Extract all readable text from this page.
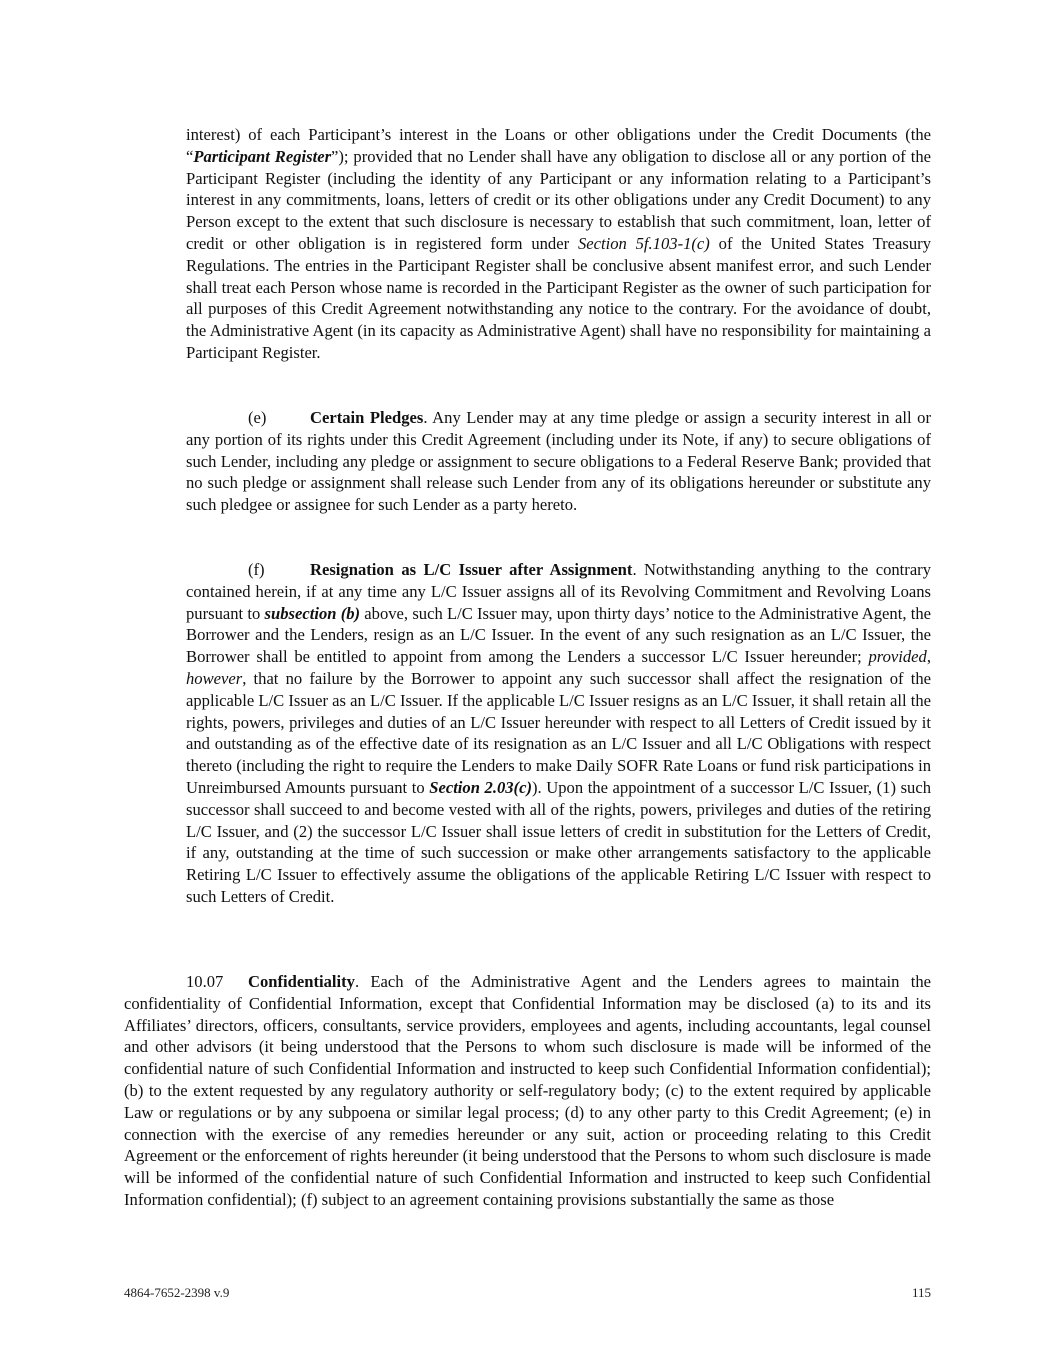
interest) of each Participant’s interest in the Loans or other obligations under the Credit Documents (the “Participant Register”); provided that no Lender shall have any obligation to disclose all or any portion of the Participant Register (including the identity of any Participant or any information relating to a Participant’s interest in any commitments, loans, letters of credit or its other obligations under any Credit Document) to any Person except to the extent that such disclosure is necessary to establish that such commitment, loan, letter of credit or other obligation is in registered form under Section 5f.103-1(c) of the United States Treasury Regulations. The entries in the Participant Register shall be conclusive absent manifest error, and such Lender shall treat each Person whose name is recorded in the Participant Register as the owner of such participation for all purposes of this Credit Agreement notwithstanding any notice to the contrary. For the avoidance of doubt, the Administrative Agent (in its capacity as Administrative Agent) shall have no responsibility for maintaining a Participant Register.

(e)	Certain Pledges. Any Lender may at any time pledge or assign a security interest in all or any portion of its rights under this Credit Agreement (including under its Note, if any) to secure obligations of such Lender, including any pledge or assignment to secure obligations to a Federal Reserve Bank; provided that no such pledge or assignment shall release such Lender from any of its obligations hereunder or substitute any such pledgee or assignee for such Lender as a party hereto.

(f)	Resignation as L/C Issuer after Assignment. Notwithstanding anything to the contrary contained herein, if at any time any L/C Issuer assigns all of its Revolving Commitment and Revolving Loans pursuant to subsection (b) above, such L/C Issuer may, upon thirty days’ notice to the Administrative Agent, the Borrower and the Lenders, resign as an L/C Issuer. In the event of any such resignation as an L/C Issuer, the Borrower shall be entitled to appoint from among the Lenders a successor L/C Issuer hereunder; provided, however, that no failure by the Borrower to appoint any such successor shall affect the resignation of the applicable L/C Issuer as an L/C Issuer. If the applicable L/C Issuer resigns as an L/C Issuer, it shall retain all the rights, powers, privileges and duties of an L/C Issuer hereunder with respect to all Letters of Credit issued by it and outstanding as of the effective date of its resignation as an L/C Issuer and all L/C Obligations with respect thereto (including the right to require the Lenders to make Daily SOFR Rate Loans or fund risk participations in Unreimbursed Amounts pursuant to Section 2.03(c)). Upon the appointment of a successor L/C Issuer, (1) such successor shall succeed to and become vested with all of the rights, powers, privileges and duties of the retiring L/C Issuer, and (2) the successor L/C Issuer shall issue letters of credit in substitution for the Letters of Credit, if any, outstanding at the time of such succession or make other arrangements satisfactory to the applicable Retiring L/C Issuer to effectively assume the obligations of the applicable Retiring L/C Issuer with respect to such Letters of Credit.

10.07 Confidentiality. Each of the Administrative Agent and the Lenders agrees to maintain the confidentiality of Confidential Information, except that Confidential Information may be disclosed (a) to its and its Affiliates’ directors, officers, consultants, service providers, employees and agents, including accountants, legal counsel and other advisors (it being understood that the Persons to whom such disclosure is made will be informed of the confidential nature of such Confidential Information and instructed to keep such Confidential Information confidential); (b) to the extent requested by any regulatory authority or self-regulatory body; (c) to the extent required by applicable Law or regulations or by any subpoena or similar legal process; (d) to any other party to this Credit Agreement; (e) in connection with the exercise of any remedies hereunder or any suit, action or proceeding relating to this Credit Agreement or the enforcement of rights hereunder (it being understood that the Persons to whom such disclosure is made will be informed of the confidential nature of such Confidential Information and instructed to keep such Confidential Information confidential); (f) subject to an agreement containing provisions substantially the same as those

4864-7652-2398 v.9	115
